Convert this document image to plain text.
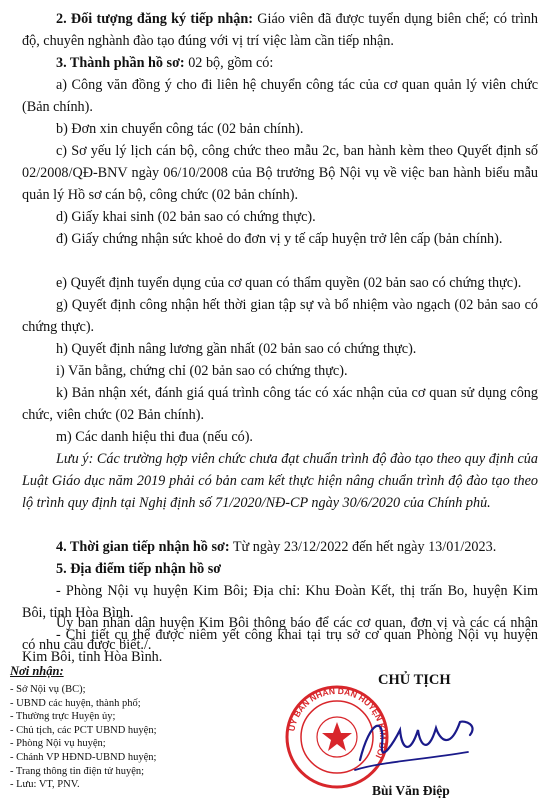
2. Đối tượng đăng ký tiếp nhận: Giáo viên đã được tuyển dụng biên chế; có trình độ, chuyên nghành đào tạo đúng với vị trí việc làm cần tiếp nhận.

3. Thành phần hồ sơ: 02 bộ, gồm có:

a) Công văn đồng ý cho đi liên hệ chuyển công tác của cơ quan quản lý viên chức (Bản chính).

b) Đơn xin chuyển công tác (02 bản chính).

c) Sơ yếu lý lịch cán bộ, công chức theo mẫu 2c, ban hành kèm theo Quyết định số 02/2008/QĐ-BNV ngày 06/10/2008 của Bộ trưởng Bộ Nội vụ về việc ban hành biểu mẫu quản lý Hồ sơ cán bộ, công chức (02 bản chính).

d) Giấy khai sinh (02 bản sao có chứng thực).

đ) Giấy chứng nhận sức khoẻ do đơn vị y tế cấp huyện trở lên cấp (bản chính).

e) Quyết định tuyển dụng của cơ quan có thẩm quyền (02 bản sao có chứng thực).

g) Quyết định công nhận hết thời gian tập sự và bổ nhiệm vào ngạch (02 bản sao có chứng thực).

h) Quyết định nâng lương gần nhất (02 bản sao có chứng thực).

i) Văn bằng, chứng chỉ (02 bản sao có chứng thực).

k) Bản nhận xét, đánh giá quá trình công tác có xác nhận của cơ quan sử dụng công chức, viên chức (02 Bản chính).

m) Các danh hiệu thi đua (nếu có).

Lưu ý: Các trường hợp viên chức chưa đạt chuẩn trình độ đào tạo theo quy định của Luật Giáo dục năm 2019 phải có bản cam kết thực hiện nâng chuẩn trình độ đào tạo theo lộ trình quy định tại Nghị định số 71/2020/NĐ-CP ngày 30/6/2020 của Chính phủ.

4. Thời gian tiếp nhận hồ sơ: Từ ngày 23/12/2022 đến hết ngày 13/01/2023.

5. Địa điểm tiếp nhận hồ sơ

- Phòng Nội vụ huyện Kim Bôi; Địa chỉ: Khu Đoàn Kết, thị trấn Bo, huyện Kim Bôi, tỉnh Hòa Bình.

- Chi tiết cụ thể được niêm yết công khai tại trụ sở cơ quan Phòng Nội vụ huyện Kim Bôi, tỉnh Hòa Bình.

Ủy ban nhân dân huyện Kim Bôi thông báo để các cơ quan, đơn vị và các cá nhân có nhu cầu được biết./.

Nơi nhận:
- Sở Nội vụ (BC);
- UBND các huyện, thành phố;
- Thường trực Huyện ủy;
- Chủ tịch, các PCT UBND huyện;
- Phòng Nội vụ huyện;
- Chánh VP HĐND-UBND huyện;
- Trang thông tin điện tử huyện;
- Lưu: VT, PNV.
CHỦ TỊCH
UỶ BAN NHÂN DÂN HUYỆN KIM BÔI
Bùi Văn Điệp
